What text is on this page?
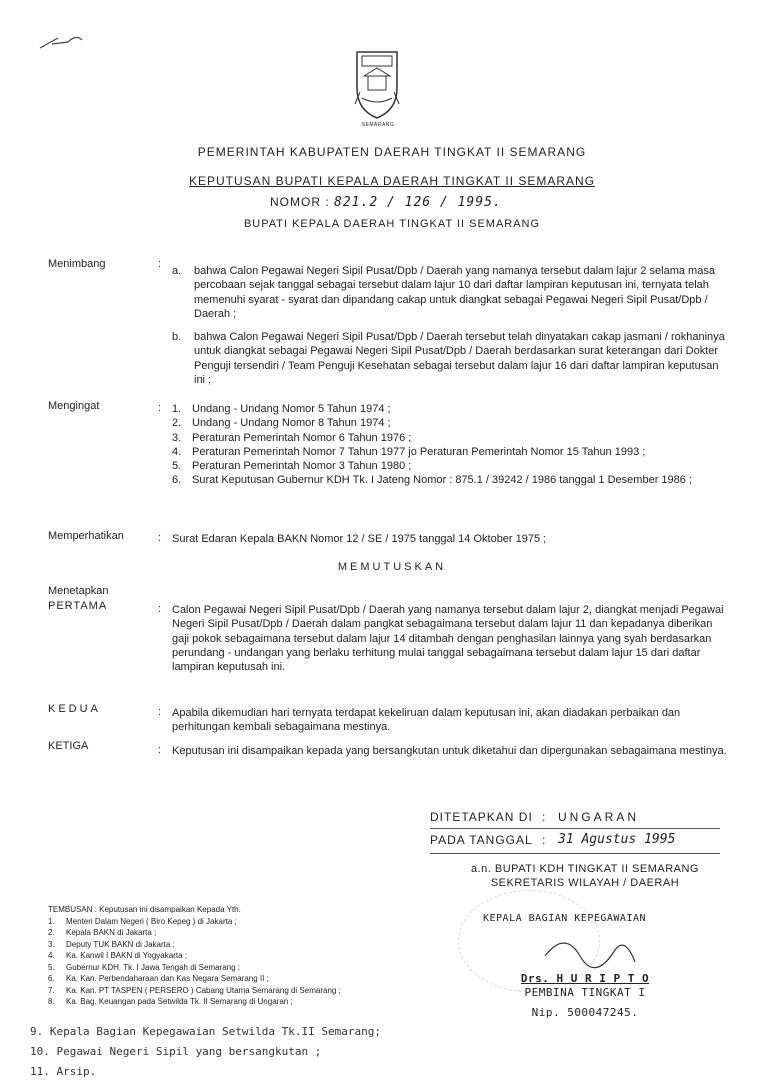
SEMARANG
PEMERINTAH KABUPATEN DAERAH TINGKAT II SEMARANG
KEPUTUSAN BUPATI KEPALA DAERAH TINGKAT II SEMARANG
NOMOR : 821.2 / 126 / 1995.
BUPATI KEPALA DAERAH TINGKAT II SEMARANG
Menimbang	:
a.	bahwa Calon Pegawai Negeri Sipil Pusat/Dpb / Daerah yang namanya tersebut dalam lajur 2 selama masa percobaan sejak tanggal sebagai tersebut dalam lajur 10 dari daftar lampiran keputusan ini, ternyata telah memenuhi syarat - syarat dan dipandang cakap untuk diangkat sebagai Pegawai Negeri Sipil Pusat/Dpb / Daerah ;
b.	bahwa Calon Pegawai Negeri Sipil Pusat/Dpb / Daerah tersebut telah dinyatakan cakap jasmani / rokhaninya untuk diangkat sebagai Pegawai Negeri Sipil Pusat/Dpb / Daerah berdasarkan surat keterangan dari Dokter Penguji tersendiri / Team Penguji Kesehatan sebagai tersebut dalam lajur 16 dari daftar lampiran keputusan ini ;
Mengingat	: 1. Undang - Undang Nomor 5 Tahun 1974 ;
2. Undang - Undang Nomor 8 Tahun 1974 ;
3. Peraturan Pemerintah Nomor 6 Tahun 1976 ;
4. Peraturan Pemerintah Nomor 7 Tahun 1977 jo Peraturan Pemerintah Nomor 15 Tahun 1993 ;
5. Peraturan Pemerintah Nomor 3 Tahun 1980 ;
6. Surat Keputusan Gubernur KDH Tk. I Jateng Nomor : 875.1 / 39242 / 1986 tanggal 1 Desember 1986 ;
Memperhatikan	: Surat Edaran Kepala BAKN Nomor 12 / SE / 1975 tanggal 14 Oktober 1975 ;
MEMUTUSKAN
Menetapkan
PERTAMA	: Calon Pegawai Negeri Sipil Pusat/Dpb / Daerah yang namanya tersebut dalam lajur 2, diangkat menjadi Pegawai Negeri Sipil Pusat/Dpb / Daerah dalam pangkat sebagaimana tersebut dalam lajur 11 dan kepadanya diberikan gaji pokok sebagaimana tersebut dalam lajur 14 ditambah dengan penghasilan lainnya yang syah berdasarkan perundang - undangan yang berlaku terhitung mulai tanggal sebagaimana tersebut dalam lajur 15 dari daftar lampiran keputusah ini.
KEDUA	: Apabila dikemudian hari ternyata terdapat kekeliruan dalam keputusan ini, akan diadakan perbaikan dan perhitungan kembali sebagaimana mestinya.
KETIGA	: Keputusan ini disampaikan kepada yang bersangkutan untuk diketahui dan dipergunakan sebagaimana mestinya.
DITETAPKAN DI : UNGARAN
PADA TANGGAL : 31 Agustus 1995
a.n. BUPATI KDH TINGKAT II SEMARANG
SEKRETARIS WILAYAH / DAERAH
KEPALA BAGIAN KEPEGAWAIAN
Drs. H U R I P T O
PEMBINA TINGKAT I
Nip. 500047245.
TEMBUSAN : Keputusan ini disampaikan Kepada Yth.
1.	Menteri Dalam Negeri ( Biro Kepeg ) di Jakarta ;
2.	Kepala BAKN di Jakarta ;
3.	Deputy TUK BAKN di Jakarta ;
4.	Ka. Kanwil I BAKN di Yogyakarta ;
5.	Gubernur KDH. Tk. I Jawa Tengah di Semarang ;
6.	Ka. Kan. Perbendaharaan dan Kas Negara Semarang II ;
7.	Ka. Kan. PT TASPEN ( PERSERO ) Cabang Utama Semarang di Semarang ;
8.	Ka. Bag. Keuangan pada Setwilda Tk. II Semarang di Ungaran ;
9. Kepala Bagian Kepegawaian Setwilda Tk.II Semarang;
10. Pegawai Negeri Sipil yang bersangkutan ;
11. Arsip.
